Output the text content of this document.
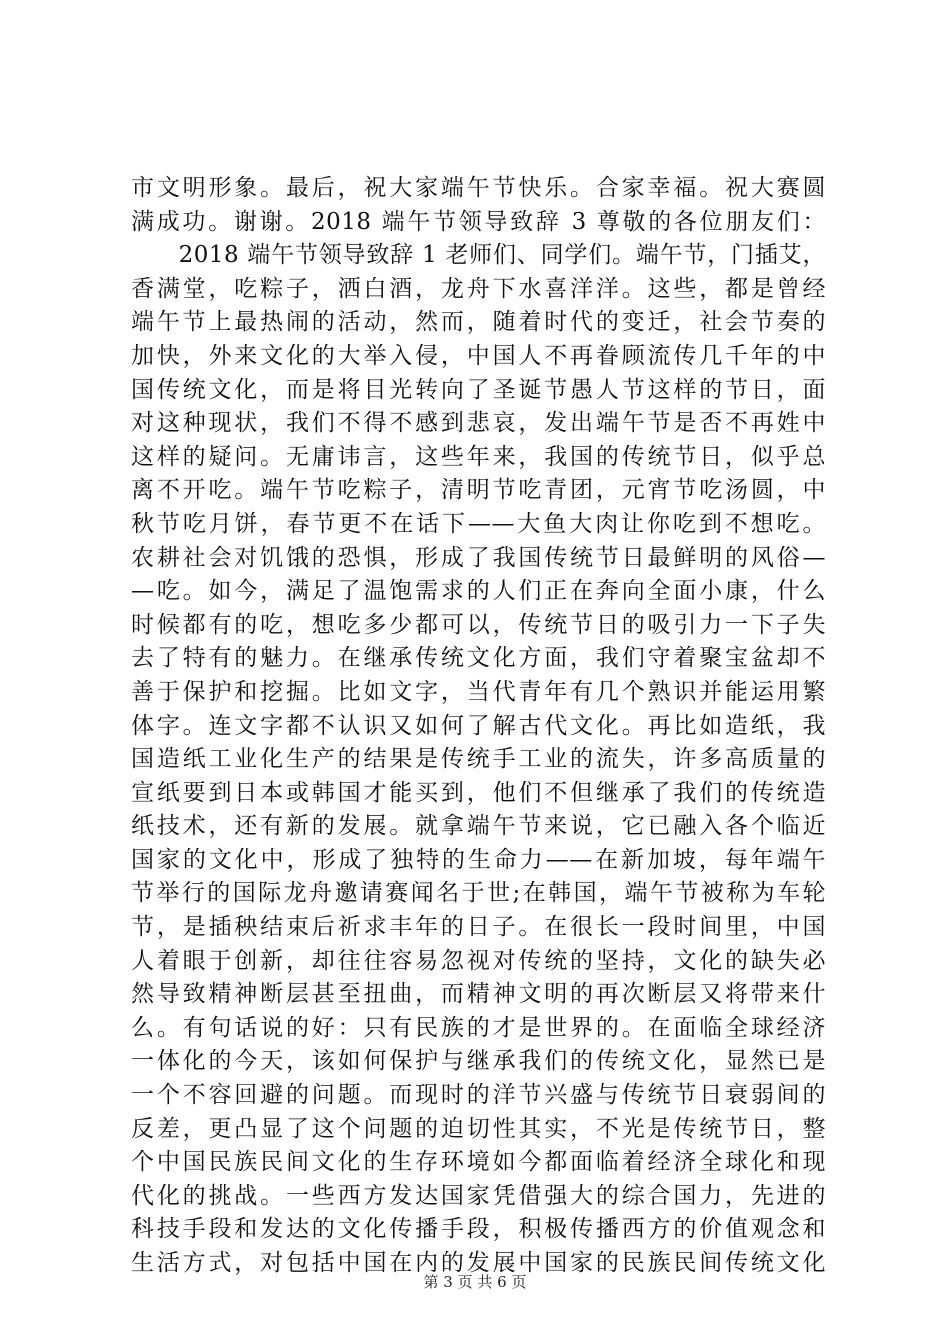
市文明形象。最后，祝大家端午节快乐。合家幸福。祝大赛圆
满成功。谢谢。2018 端午节领导致辞 3 尊敬的各位朋友们：
　　2018 端午节领导致辞 1 老师们、同学们。端午节，门插艾，
香满堂，吃粽子，洒白酒，龙舟下水喜洋洋。这些，都是曾经
端午节上最热闹的活动，然而，随着时代的变迁，社会节奏的
加快，外来文化的大举入侵，中国人不再眷顾流传几千年的中
国传统文化，而是将目光转向了圣诞节愚人节这样的节日，面
对这种现状，我们不得不感到悲哀，发出端午节是否不再姓中
这样的疑问。无庸讳言，这些年来，我国的传统节日，似乎总
离不开吃。端午节吃粽子，清明节吃青团，元宵节吃汤圆，中
秋节吃月饼，春节更不在话下——大鱼大肉让你吃到不想吃。
农耕社会对饥饿的恐惧，形成了我国传统节日最鲜明的风俗—
—吃。如今，满足了温饱需求的人们正在奔向全面小康，什么
时候都有的吃，想吃多少都可以，传统节日的吸引力一下子失
去了特有的魅力。在继承传统文化方面，我们守着聚宝盆却不
善于保护和挖掘。比如文字，当代青年有几个熟识并能运用繁
体字。连文字都不认识又如何了解古代文化。再比如造纸，我
国造纸工业化生产的结果是传统手工业的流失，许多高质量的
宣纸要到日本或韩国才能买到，他们不但继承了我们的传统造
纸技术，还有新的发展。就拿端午节来说，它已融入各个临近
国家的文化中，形成了独特的生命力——在新加坡，每年端午
节举行的国际龙舟邀请赛闻名于世;在韩国，端午节被称为车轮
节，是插秧结束后祈求丰年的日子。在很长一段时间里，中国
人着眼于创新，却往往容易忽视对传统的坚持，文化的缺失必
然导致精神断层甚至扭曲，而精神文明的再次断层又将带来什
么。有句话说的好：只有民族的才是世界的。在面临全球经济
一体化的今天，该如何保护与继承我们的传统文化，显然已是
一个不容回避的问题。而现时的洋节兴盛与传统节日衰弱间的
反差，更凸显了这个问题的迫切性其实，不光是传统节日，整
个中国民族民间文化的生存环境如今都面临着经济全球化和现
代化的挑战。一些西方发达国家凭借强大的综合国力，先进的
科技手段和发达的文化传播手段，积极传播西方的价值观念和
生活方式，对包括中国在内的发展中国家的民族民间传统文化
第 3 页 共 6 页
